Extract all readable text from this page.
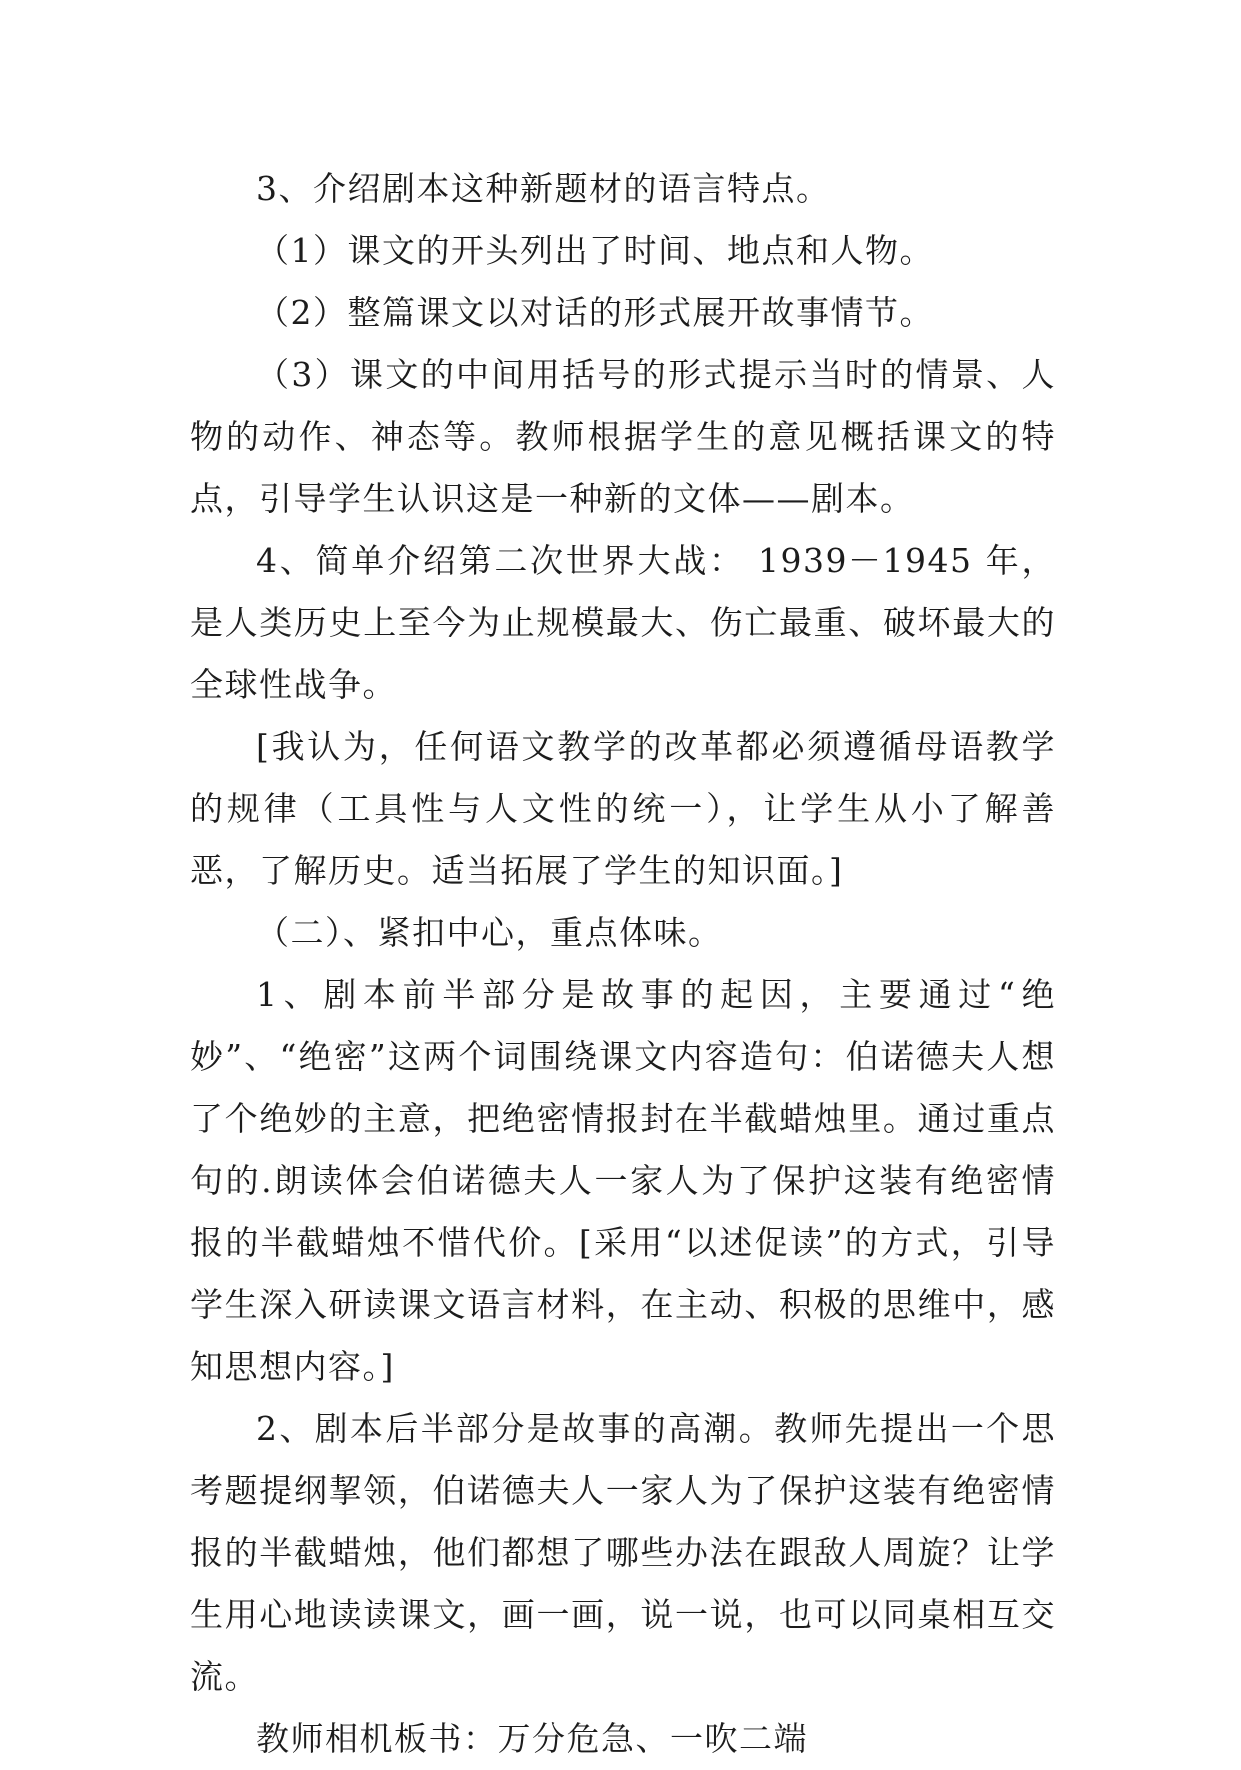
3、介绍剧本这种新题材的语言特点。

（1）课文的开头列出了时间、地点和人物。

（2）整篇课文以对话的形式展开故事情节。

（3）课文的中间用括号的形式提示当时的情景、人物的动作、神态等。教师根据学生的意见概括课文的特点，引导学生认识这是一种新的文体——剧本。

4、简单介绍第二次世界大战： 1939－1945 年，是人类历史上至今为止规模最大、伤亡最重、破坏最大的全球性战争。

[我认为，任何语文教学的改革都必须遵循母语教学的规律（工具性与人文性的统一），让学生从小了解善恶，了解历史。适当拓展了学生的知识面。]

（二）、紧扣中心，重点体味。

1、剧本前半部分是故事的起因，主要通过“绝妙”、“绝密”这两个词围绕课文内容造句：伯诺德夫人想了个绝妙的主意，把绝密情报封在半截蜡烛里。通过重点句的.朗读体会伯诺德夫人一家人为了保护这装有绝密情报的半截蜡烛不惜代价。[采用“以述促读”的方式，引导学生深入研读课文语言材料，在主动、积极的思维中，感知思想内容。]

2、剧本后半部分是故事的高潮。教师先提出一个思考题提纲挈领，伯诺德夫人一家人为了保护这装有绝密情报的半截蜡烛，他们都想了哪些办法在跟敌人周旋？让学生用心地读读课文，画一画，说一说，也可以同桌相互交流。

教师相机板书：万分危急、一吹二端
